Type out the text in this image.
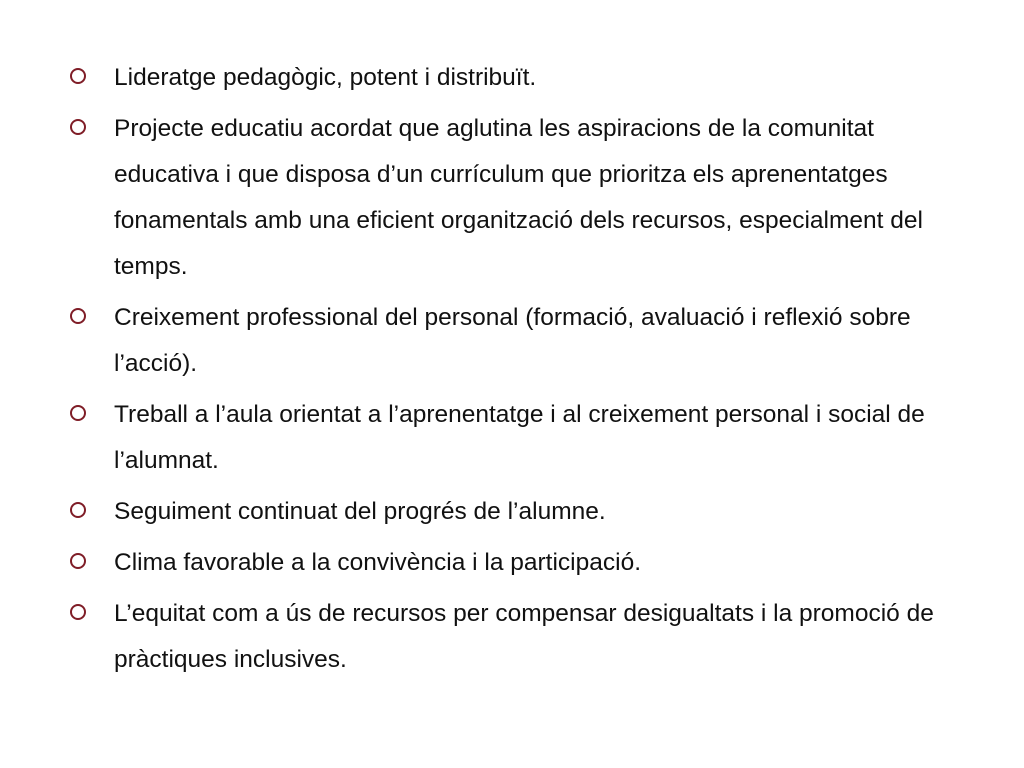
Lideratge pedagògic, potent i distribuït.
Projecte educatiu acordat que aglutina les aspiracions de la comunitat educativa i que disposa d’un currículum que prioritza els aprenentatges fonamentals amb una eficient organització dels recursos, especialment del temps.
Creixement professional del personal (formació, avaluació i reflexió sobre l’acció).
Treball a l’aula orientat a l’aprenentatge i al creixement personal i social de l’alumnat.
Seguiment continuat del progrés de l’alumne.
Clima favorable a la convivència i la participació.
L’equitat com a ús de recursos per compensar desigualtats i la promoció de pràctiques inclusives.
